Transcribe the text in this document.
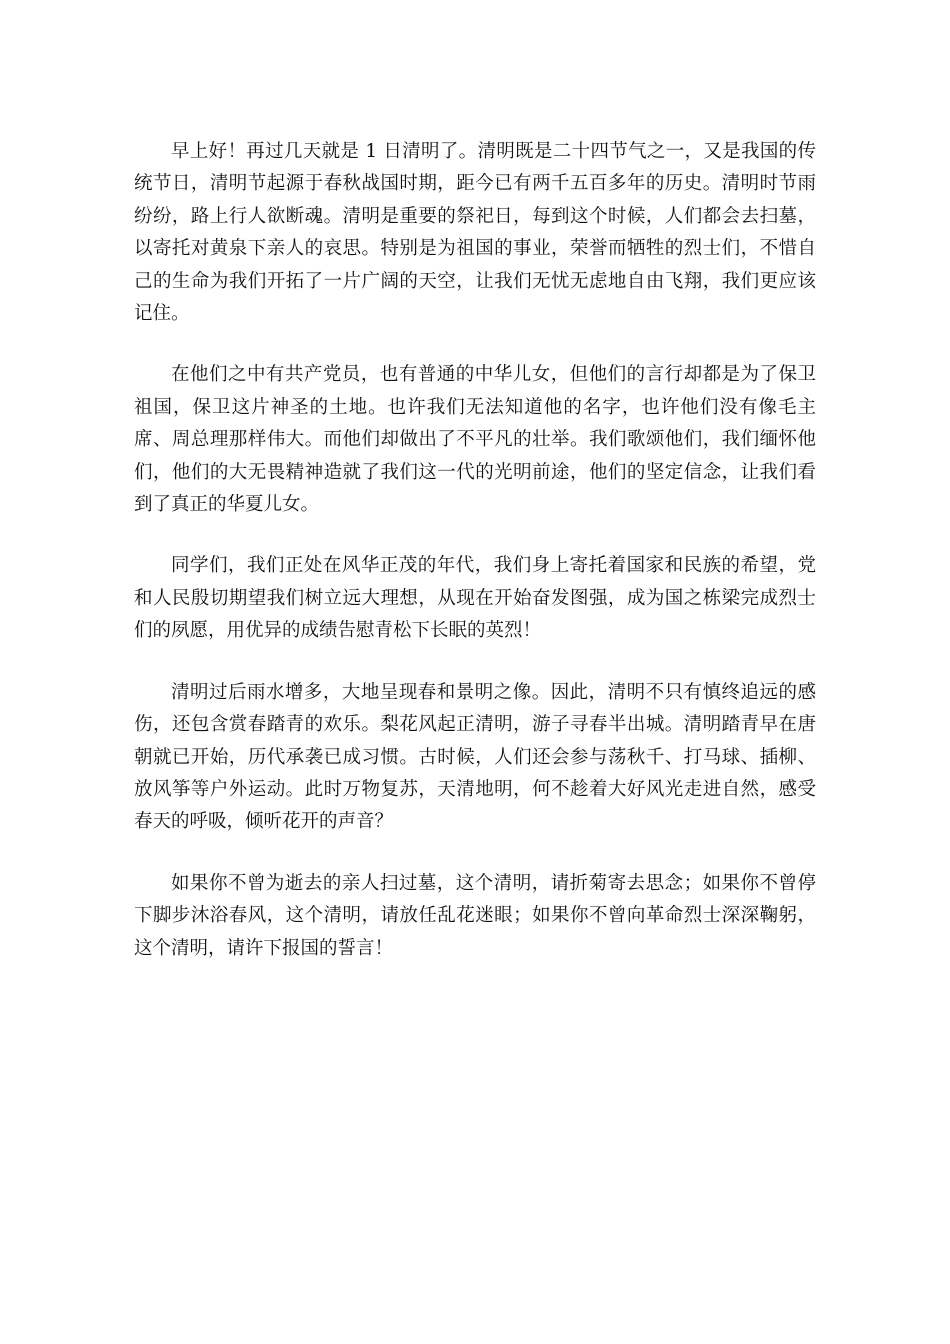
早上好！再过几天就是 1 日清明了。清明既是二十四节气之一，又是我国的传统节日，清明节起源于春秋战国时期，距今已有两千五百多年的历史。清明时节雨纷纷，路上行人欲断魂。清明是重要的祭祀日，每到这个时候，人们都会去扫墓，以寄托对黄泉下亲人的哀思。特别是为祖国的事业，荣誉而牺牲的烈士们，不惜自己的生命为我们开拓了一片广阔的天空，让我们无忧无虑地自由飞翔，我们更应该记住。

在他们之中有共产党员，也有普通的中华儿女，但他们的言行却都是为了保卫祖国，保卫这片神圣的土地。也许我们无法知道他的名字，也许他们没有像毛主席、周总理那样伟大。而他们却做出了不平凡的壮举。我们歌颂他们，我们缅怀他们，他们的大无畏精神造就了我们这一代的光明前途，他们的坚定信念，让我们看到了真正的华夏儿女。

同学们，我们正处在风华正茂的年代，我们身上寄托着国家和民族的希望，党和人民殷切期望我们树立远大理想，从现在开始奋发图强，成为国之栋梁完成烈士们的夙愿，用优异的成绩告慰青松下长眠的英烈！

清明过后雨水增多，大地呈现春和景明之像。因此，清明不只有慎终追远的感伤，还包含赏春踏青的欢乐。梨花风起正清明，游子寻春半出城。清明踏青早在唐朝就已开始，历代承袭已成习惯。古时候，人们还会参与荡秋千、打马球、插柳、放风筝等户外运动。此时万物复苏，天清地明，何不趁着大好风光走进自然，感受春天的呼吸，倾听花开的声音？

如果你不曾为逝去的亲人扫过墓，这个清明，请折菊寄去思念；如果你不曾停下脚步沐浴春风，这个清明，请放任乱花迷眼；如果你不曾向革命烈士深深鞠躬，这个清明，请许下报国的誓言！
